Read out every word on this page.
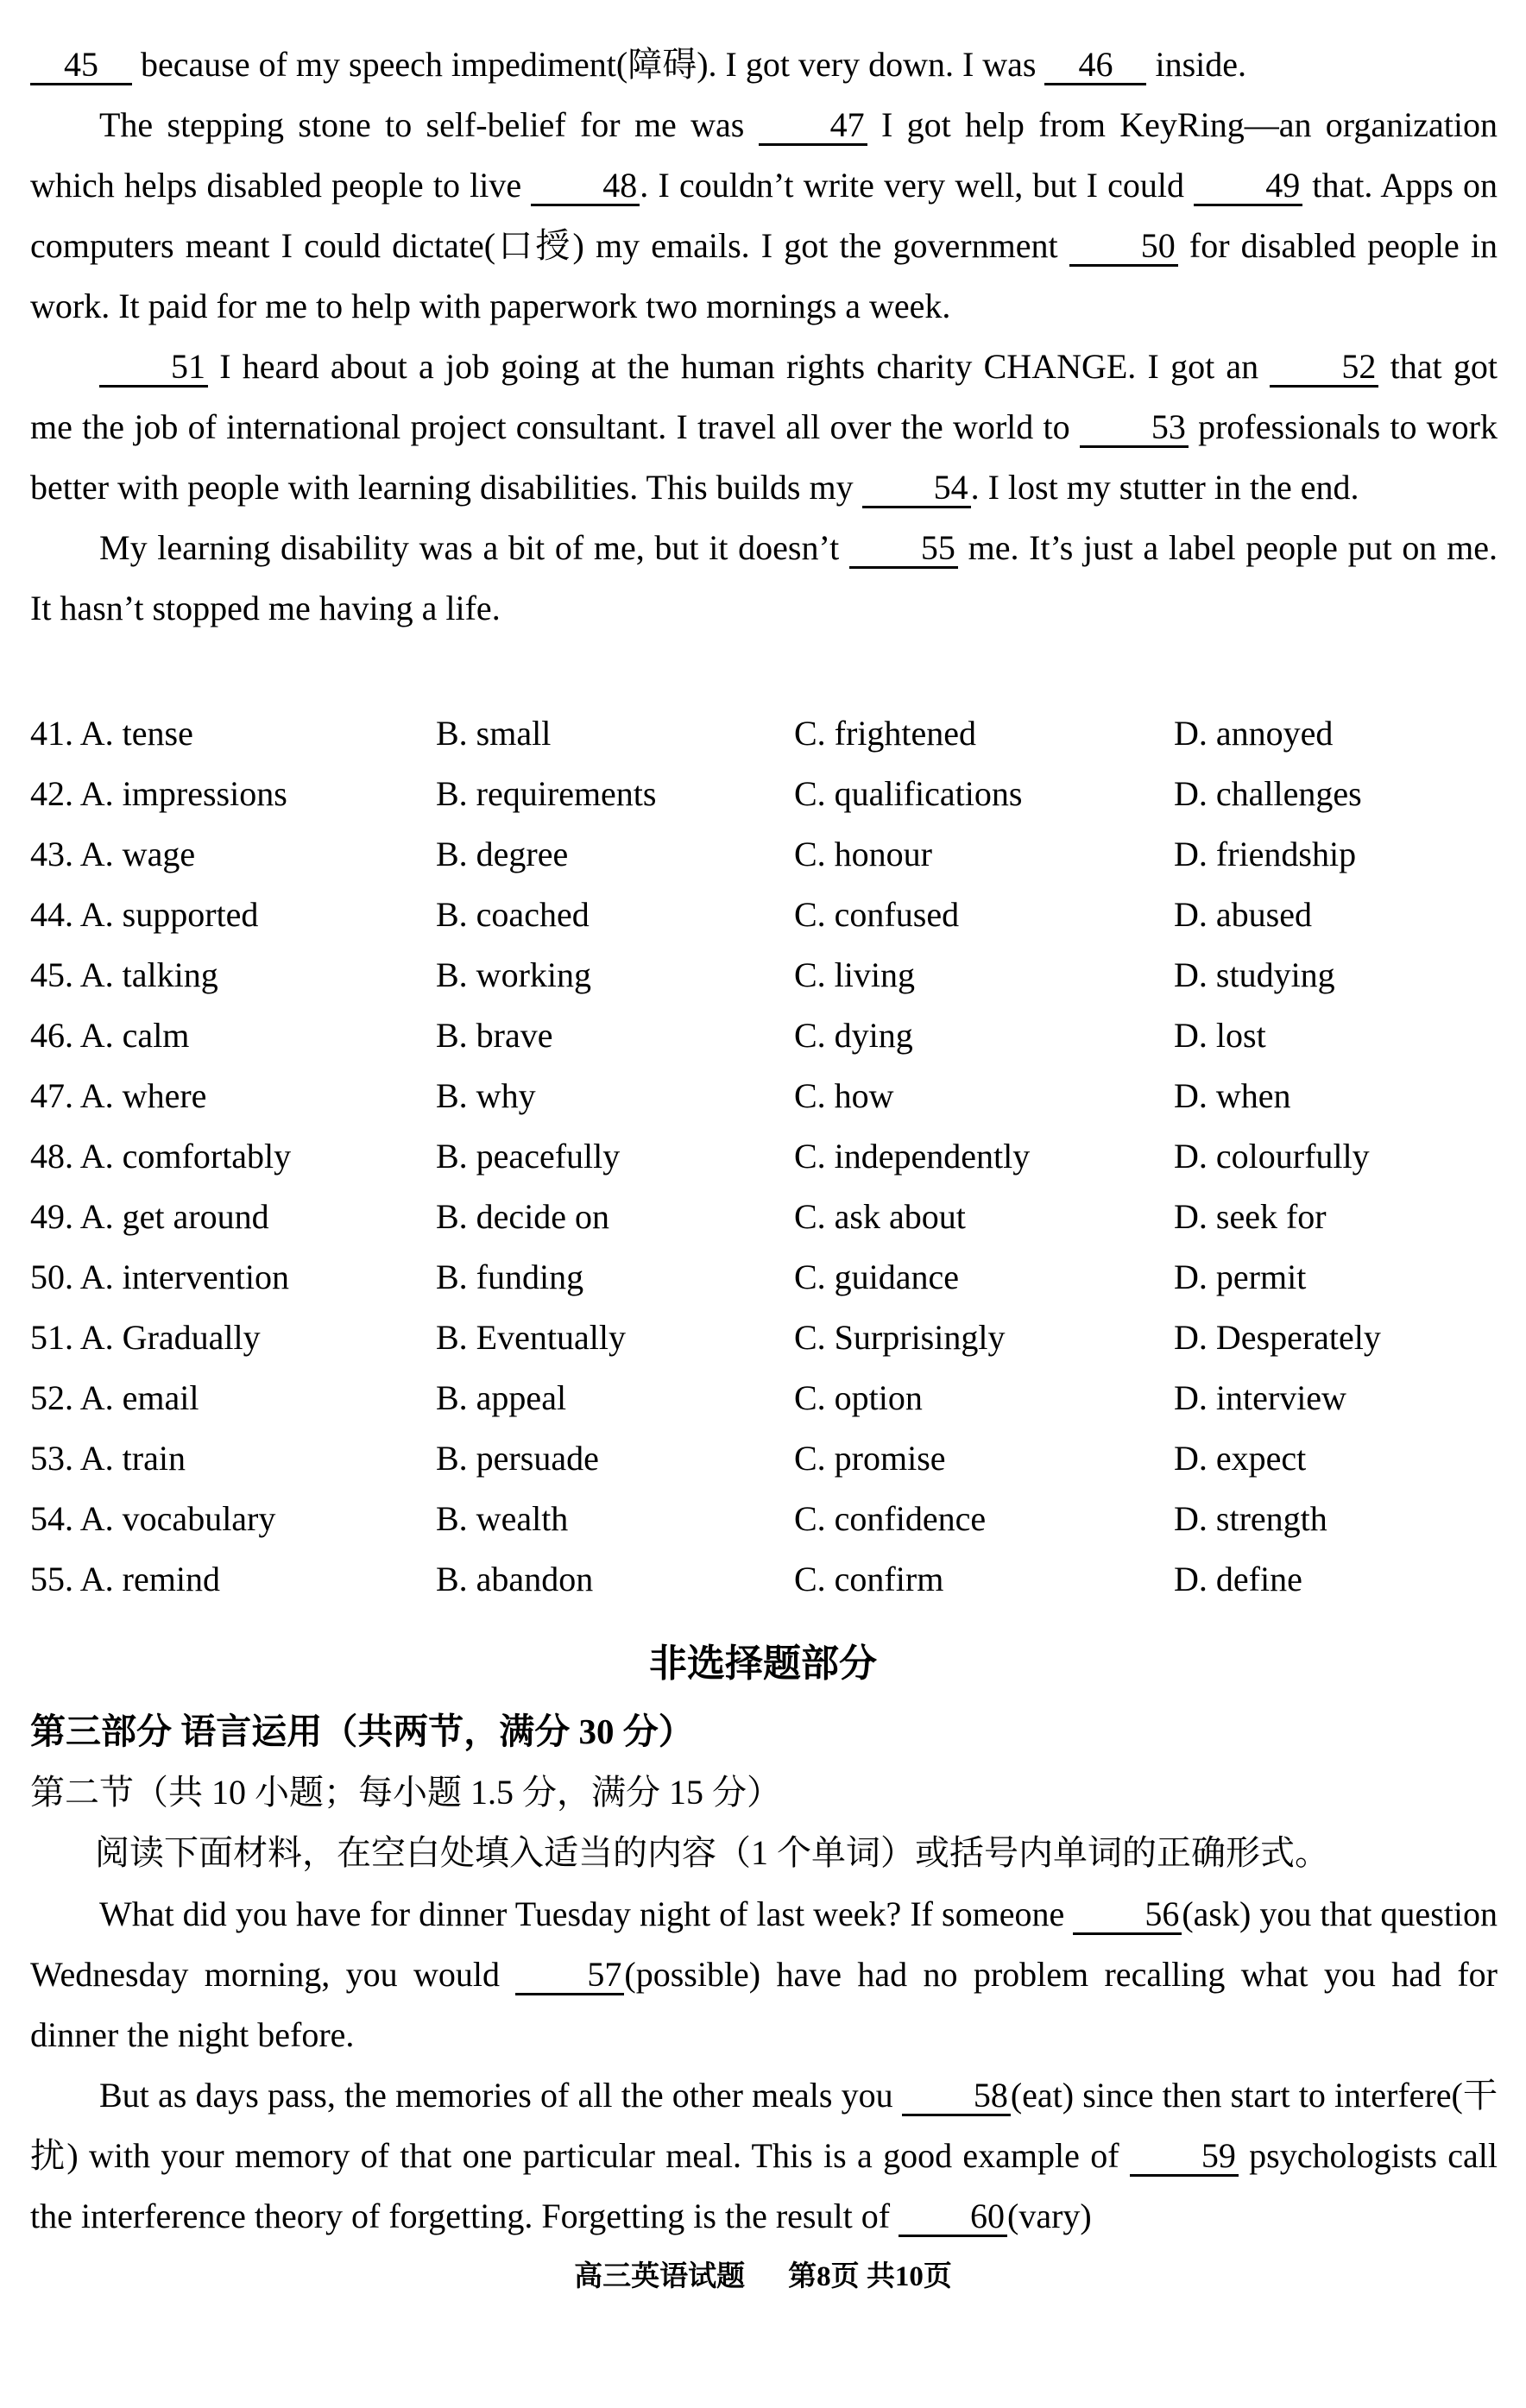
45 because of my speech impediment(障碍). I got very down. I was 46 inside.

The stepping stone to self-belief for me was 47 I got help from KeyRing—an organization which helps disabled people to live 48. I couldn’t write very well, but I could 49 that. Apps on computers meant I could dictate(口授) my emails. I got the government 50 for disabled people in work. It paid for me to help with paperwork two mornings a week.

51 I heard about a job going at the human rights charity CHANGE. I got an 52 that got me the job of international project consultant. I travel all over the world to 53 professionals to work better with people with learning disabilities. This builds my 54. I lost my stutter in the end.

My learning disability was a bit of me, but it doesn’t 55 me. It’s just a label people put on me. It hasn’t stopped me having a life.

41. A. tense	B. small	C. frightened	D. annoyed
42. A. impressions	B. requirements	C. qualifications	D. challenges
43. A. wage	B. degree	C. honour	D. friendship
44. A. supported	B. coached	C. confused	D. abused
45. A. talking	B. working	C. living	D. studying
46. A. calm	B. brave	C. dying	D. lost
47. A. where	B. why	C. how	D. when
48. A. comfortably	B. peacefully	C. independently	D. colourfully
49. A. get around	B. decide on	C. ask about	D. seek for
50. A. intervention	B. funding	C. guidance	D. permit
51. A. Gradually	B. Eventually	C. Surprisingly	D. Desperately
52. A. email	B. appeal	C. option	D. interview
53. A. train	B. persuade	C. promise	D. expect
54. A. vocabulary	B. wealth	C. confidence	D. strength
55. A. remind	B. abandon	C. confirm	D. define
非选择题部分
第三部分 语言运用（共两节，满分 30 分）
第二节（共 10 小题；每小题 1.5 分，满分 15 分）
阅读下面材料，在空白处填入适当的内容（1 个单词）或括号内单词的正确形式。

What did you have for dinner Tuesday night of last week? If someone 56(ask) you that question Wednesday morning, you would 57(possible) have had no problem recalling what you had for dinner the night before.

But as days pass, the memories of all the other meals you 58(eat) since then start to interfere(干扰) with your memory of that one particular meal. This is a good example of 59 psychologists call the interference theory of forgetting. Forgetting is the result of 60(vary)

高三英语试题 第8页 共10页
